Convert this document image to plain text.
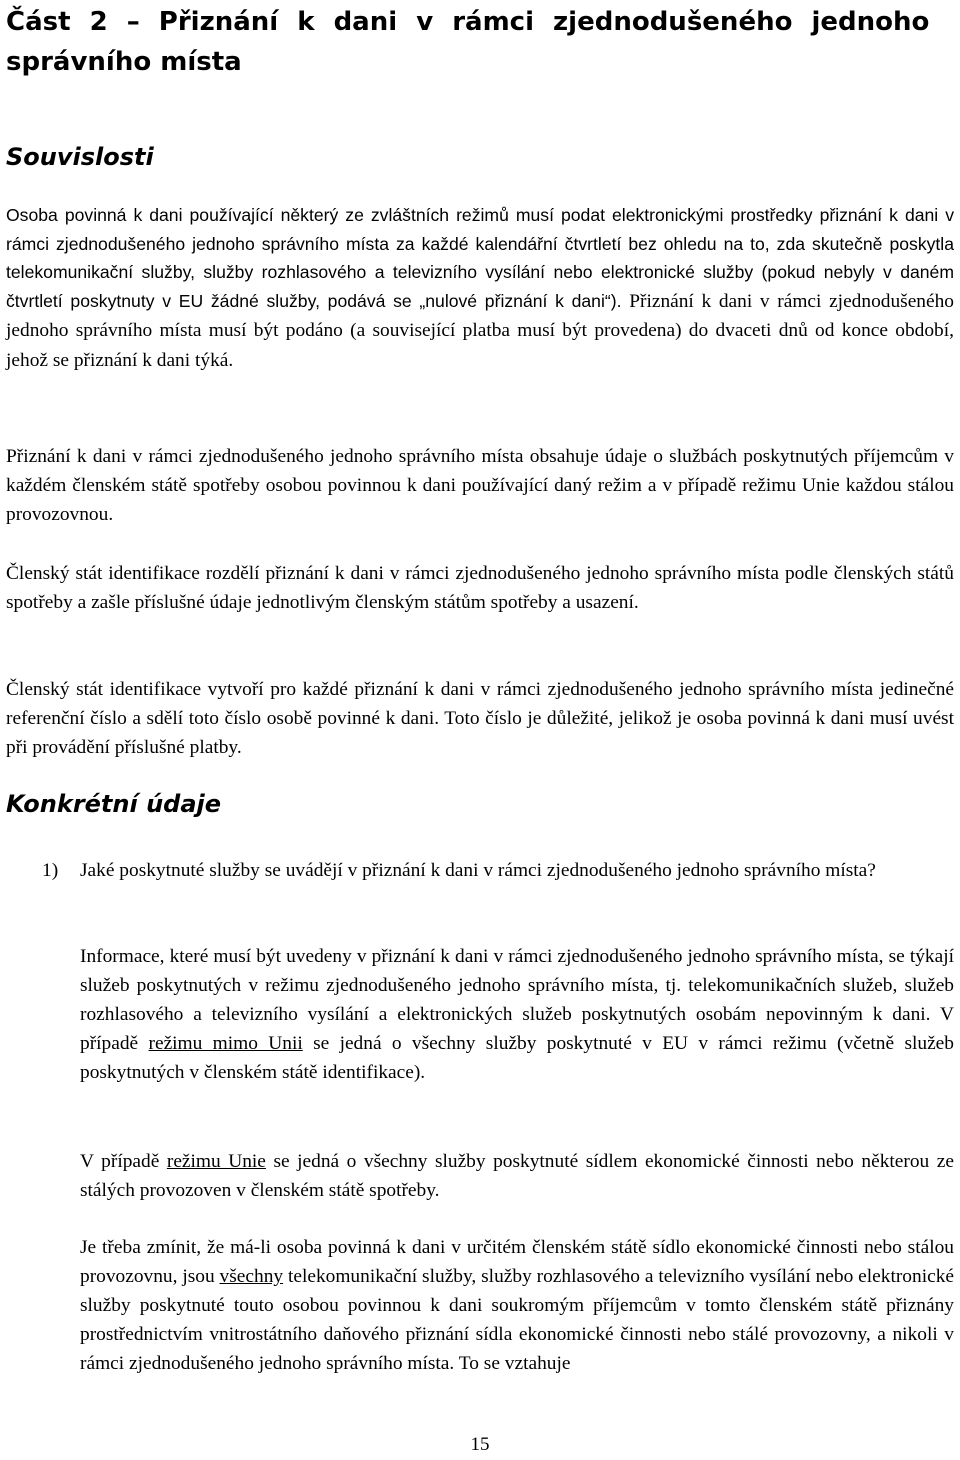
Část 2 – Přiznání k dani v rámci zjednodušeného jednoho
správního místa
Souvislosti

Osoba povinná k dani používající některý ze zvláštních režimů musí podat elektronickými prostředky přiznání k dani v rámci zjednodušeného jednoho správního místa za každé kalendářní čtvrtletí bez ohledu na to, zda skutečně poskytla telekomunikační služby, služby rozhlasového a televizního vysílání nebo elektronické služby (pokud nebyly v daném čtvrtletí poskytnuty v EU žádné služby, podává se „nulové přiznání k dani“).

Přiznání k dani v rámci zjednodušeného jednoho správního místa musí být podáno (a související platba musí být provedena) do dvaceti dnů od konce období, jehož se přiznání k dani týká.

Přiznání k dani v rámci zjednodušeného jednoho správního místa obsahuje údaje o službách poskytnutých příjemcům v každém členském státě spotřeby osobou povinnou k dani používající daný režim a v případě režimu Unie každou stálou provozovnou.

Členský stát identifikace rozdělí přiznání k dani v rámci zjednodušeného jednoho správního místa podle členských států spotřeby a zašle příslušné údaje jednotlivým členským státům spotřeby a usazení.

Členský stát identifikace vytvoří pro každé přiznání k dani v rámci zjednodušeného jednoho správního místa jedinečné referenční číslo a sdělí toto číslo osobě povinné k dani. Toto číslo je důležité, jelikož je osoba povinná k dani musí uvést při provádění příslušné platby.

Konkrétní údaje
1) Jaké poskytnuté služby se uvádějí v přiznání k dani v rámci zjednodušeného jednoho správního místa?

Informace, které musí být uvedeny v přiznání k dani v rámci zjednodušeného jednoho správního místa, se týkají služeb poskytnutých v režimu zjednodušeného jednoho správního místa, tj. telekomunikačních služeb, služeb rozhlasového a televizního vysílání a elektronických služeb poskytnutých osobám nepovinným k dani. V případě režimu mimo Unii se jedná o všechny služby poskytnuté v EU v rámci režimu (včetně služeb poskytnutých v členském státě identifikace).

V případě režimu Unie se jedná o všechny služby poskytnuté sídlem ekonomické činnosti nebo některou ze stálých provozoven v členském státě spotřeby.

Je třeba zmínit, že má-li osoba povinná k dani v určitém členském státě sídlo ekonomické činnosti nebo stálou provozovnu, jsou všechny telekomunikační služby, služby rozhlasového a televizního vysílání nebo elektronické služby poskytnuté touto osobou povinnou k dani soukromým příjemcům v tomto členském státě přiznány prostřednictvím vnitrostátního daňového přiznání sídla ekonomické činnosti nebo stálé provozovny, a nikoli v rámci zjednodušeného jednoho správního místa. To se vztahuje

15
